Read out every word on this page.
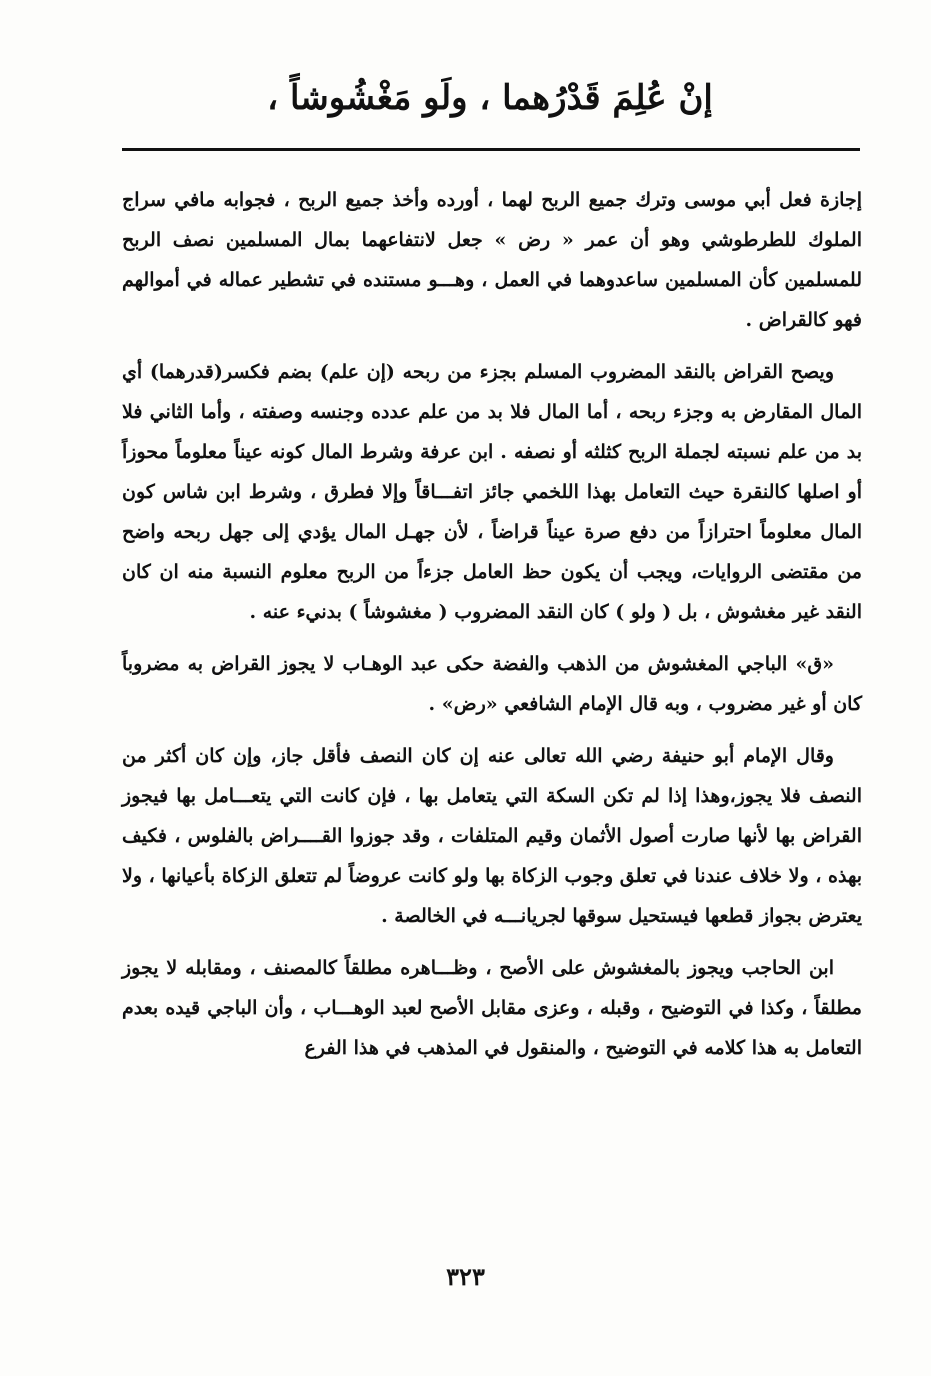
إنْ عُلِمَ قَدْرُهما ، ولَو مَغْشُوشاً ،

إجازة فعل أبي موسى وترك جميع الربح لهما ، أورده وأخذ جميع الربح ، فجوابه مافي سراج الملوك للطرطوشي وهو أن عمر « رض » جعل لانتفاعهما بمال المسلمين نصف الربح للمسلمين كأن المسلمين ساعدوهما في العمل ، وهـــو مستنده في تشطير عماله في أموالهم فهو كالقراض .

ويصح القراض بالنقد المضروب المسلم بجزء من ربحه (إن علم) بضم فكسر(قدرهما) أي المال المقارض به وجزء ربحه ، أما المال فلا بد من علم عدده وجنسه وصفته ، وأما الثاني فلا بد من علم نسبته لجملة الربح كثلثه أو نصفه . ابن عرفة وشرط المال كونه عيناً معلوماً محوزاً أو اصلها كالنقرة حيث التعامل بهذا اللخمي جائز اتفـــاقاً وإلا فطرق ، وشرط ابن شاس كون المال معلوماً احترازاً من دفع صرة عيناً قراضاً ، لأن جهـل المال يؤدي إلى جهل ربحه واضح من مقتضى الروايات، ويجب أن يكون حظ العامل جزءاً من الربح معلوم النسبة منه ان كان النقد غير مغشوش ، بل ( ولو ) كان النقد المضروب ( مغشوشاً ) بدنيء عنه .

«ق» الباجي المغشوش من الذهب والفضة حكى عبد الوهـاب لا يجوز القراض به مضروباً كان أو غير مضروب ، وبه قال الإمام الشافعي «رض» .

وقال الإمام أبو حنيفة رضي الله تعالى عنه إن كان النصف فأقل جاز، وإن كان أكثر من النصف فلا يجوز،وهذا إذا لم تكن السكة التي يتعامل بها ، فإن كانت التي يتعـــامل بها فيجوز القراض بها لأنها صارت أصول الأثمان وقيم المتلفات ، وقد جوزوا القــــراض بالفلوس ، فكيف بهذه ، ولا خلاف عندنا في تعلق وجوب الزكاة بها ولو كانت عروضاً لم تتعلق الزكاة بأعيانها ، ولا يعترض بجواز قطعها فيستحيل سوقها لجريانـــه في الخالصة .

ابن الحاجب ويجوز بالمغشوش على الأصح ، وظـــاهره مطلقاً كالمصنف ، ومقابله لا يجوز مطلقاً ، وكذا في التوضيح ، وقبله ، وعزى مقابل الأصح لعبد الوهـــاب ، وأن الباجي قيده بعدم التعامل به هذا كلامه في التوضيح ، والمنقول في المذهب في هذا الفرع

٣٢٣
